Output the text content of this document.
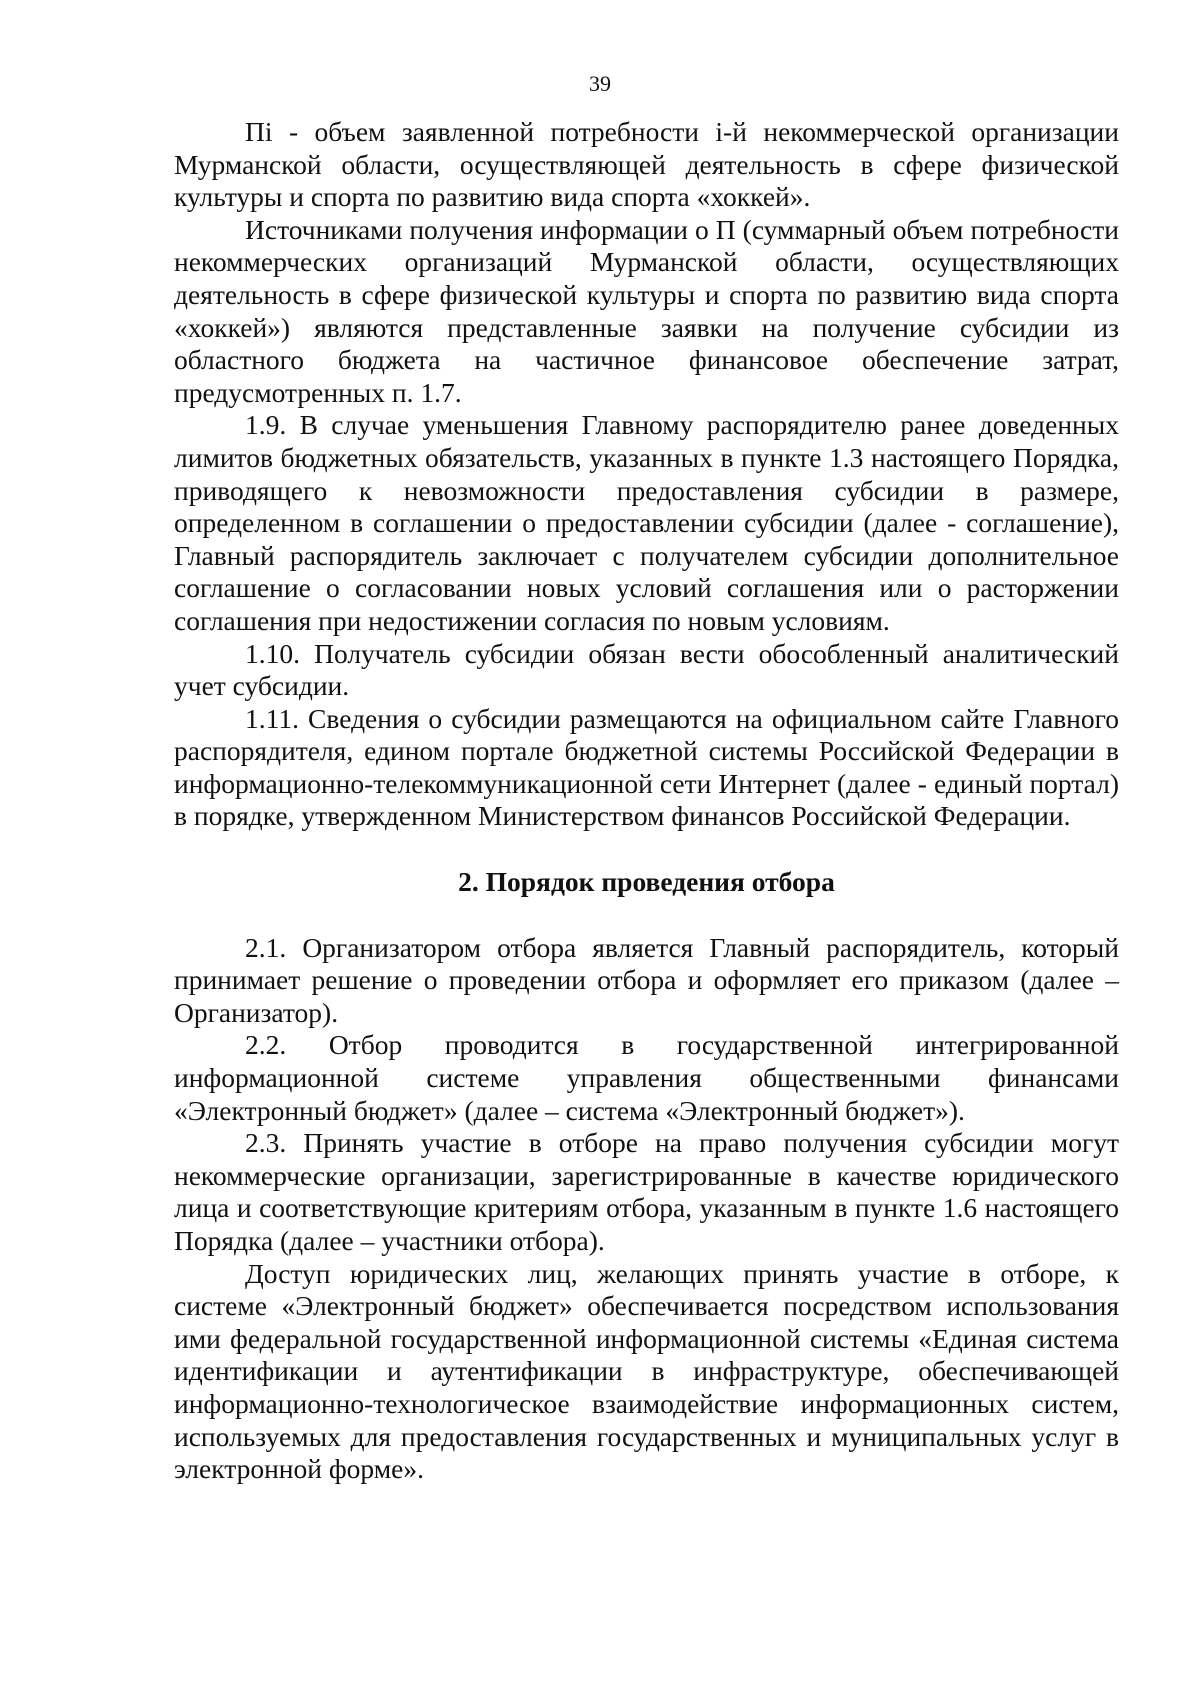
39

Пi - объем заявленной потребности i-й некоммерческой организации Мурманской области, осуществляющей деятельность в сфере физической культуры и спорта по развитию вида спорта «хоккей».

Источниками получения информации о П (суммарный объем потребности некоммерческих организаций Мурманской области, осуществляющих деятельность в сфере физической культуры и спорта по развитию вида спорта «хоккей») являются представленные заявки на получение субсидии из областного бюджета на частичное финансовое обеспечение затрат, предусмотренных п. 1.7.

1.9. В случае уменьшения Главному распорядителю ранее доведенных лимитов бюджетных обязательств, указанных в пункте 1.3 настоящего Порядка, приводящего к невозможности предоставления субсидии в размере, определенном в соглашении о предоставлении субсидии (далее - соглашение), Главный распорядитель заключает с получателем субсидии дополнительное соглашение о согласовании новых условий соглашения или о расторжении соглашения при недостижении согласия по новым условиям.

1.10. Получатель субсидии обязан вести обособленный аналитический учет субсидии.

1.11. Сведения о субсидии размещаются на официальном сайте Главного распорядителя, едином портале бюджетной системы Российской Федерации в информационно-телекоммуникационной сети Интернет (далее - единый портал) в порядке, утвержденном Министерством финансов Российской Федерации.

2. Порядок проведения отбора

2.1. Организатором отбора является Главный распорядитель, который принимает решение о проведении отбора и оформляет его приказом (далее – Организатор).

2.2. Отбор проводится в государственной интегрированной информационной системе управления общественными финансами «Электронный бюджет» (далее – система «Электронный бюджет»).

2.3. Принять участие в отборе на право получения субсидии могут некоммерческие организации, зарегистрированные в качестве юридического лица и соответствующие критериям отбора, указанным в пункте 1.6 настоящего Порядка (далее – участники отбора).

Доступ юридических лиц, желающих принять участие в отборе, к системе «Электронный бюджет» обеспечивается посредством использования ими федеральной государственной информационной системы «Единая система идентификации и аутентификации в инфраструктуре, обеспечивающей информационно-технологическое взаимодействие информационных систем, используемых для предоставления государственных и муниципальных услуг в электронной форме».
